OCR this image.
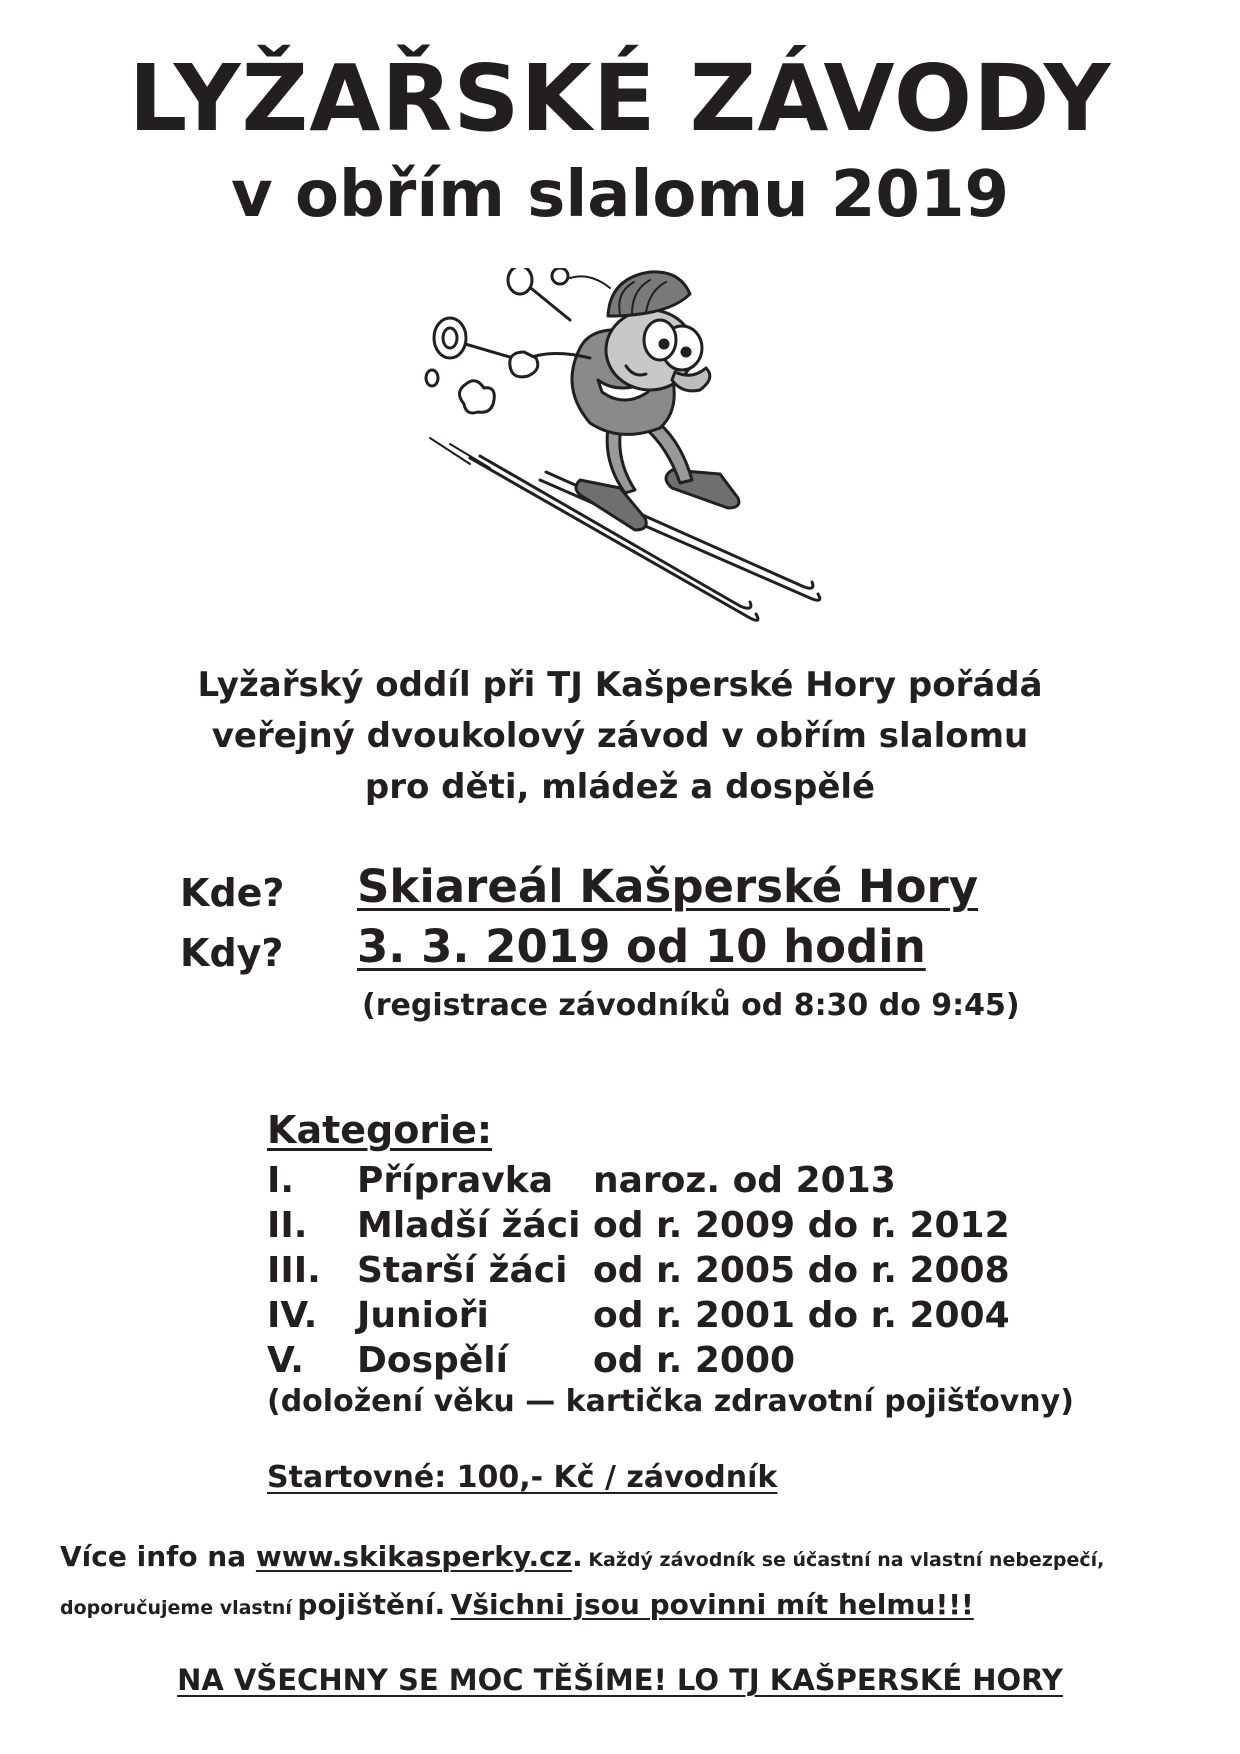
LYŽAŘSKÉ ZÁVODY
v obřím slalomu 2019
Lyžařský oddíl při TJ Kašperské Hory pořádá
veřejný dvoukolový závod v obřím slalomu
pro děti, mládež a dospělé
Kde? Skiareál Kašperské Hory
Kdy? 3. 3. 2019 od 10 hodin
(registrace závodníků od 8:30 do 9:45)
Kategorie:
I.	Přípravka	naroz. od 2013
II.	Mladší žáci	od r. 2009 do r. 2012
III.	Starší žáci	od r. 2005 do r. 2008
IV.	Junioři	od r. 2001 do r. 2004
V.	Dospělí	od r. 2000
(doložení věku — kartička zdravotní pojišťovny)
Startovné: 100,- Kč / závodník
Více info na www.skikasperky.cz. Každý závodník se účastní na vlastní nebezpečí,
doporučujeme vlastní pojištění. Všichni jsou povinni mít helmu!!!
NA VŠECHNY SE MOC TĚŠÍME! LO TJ KAŠPERSKÉ HORY
